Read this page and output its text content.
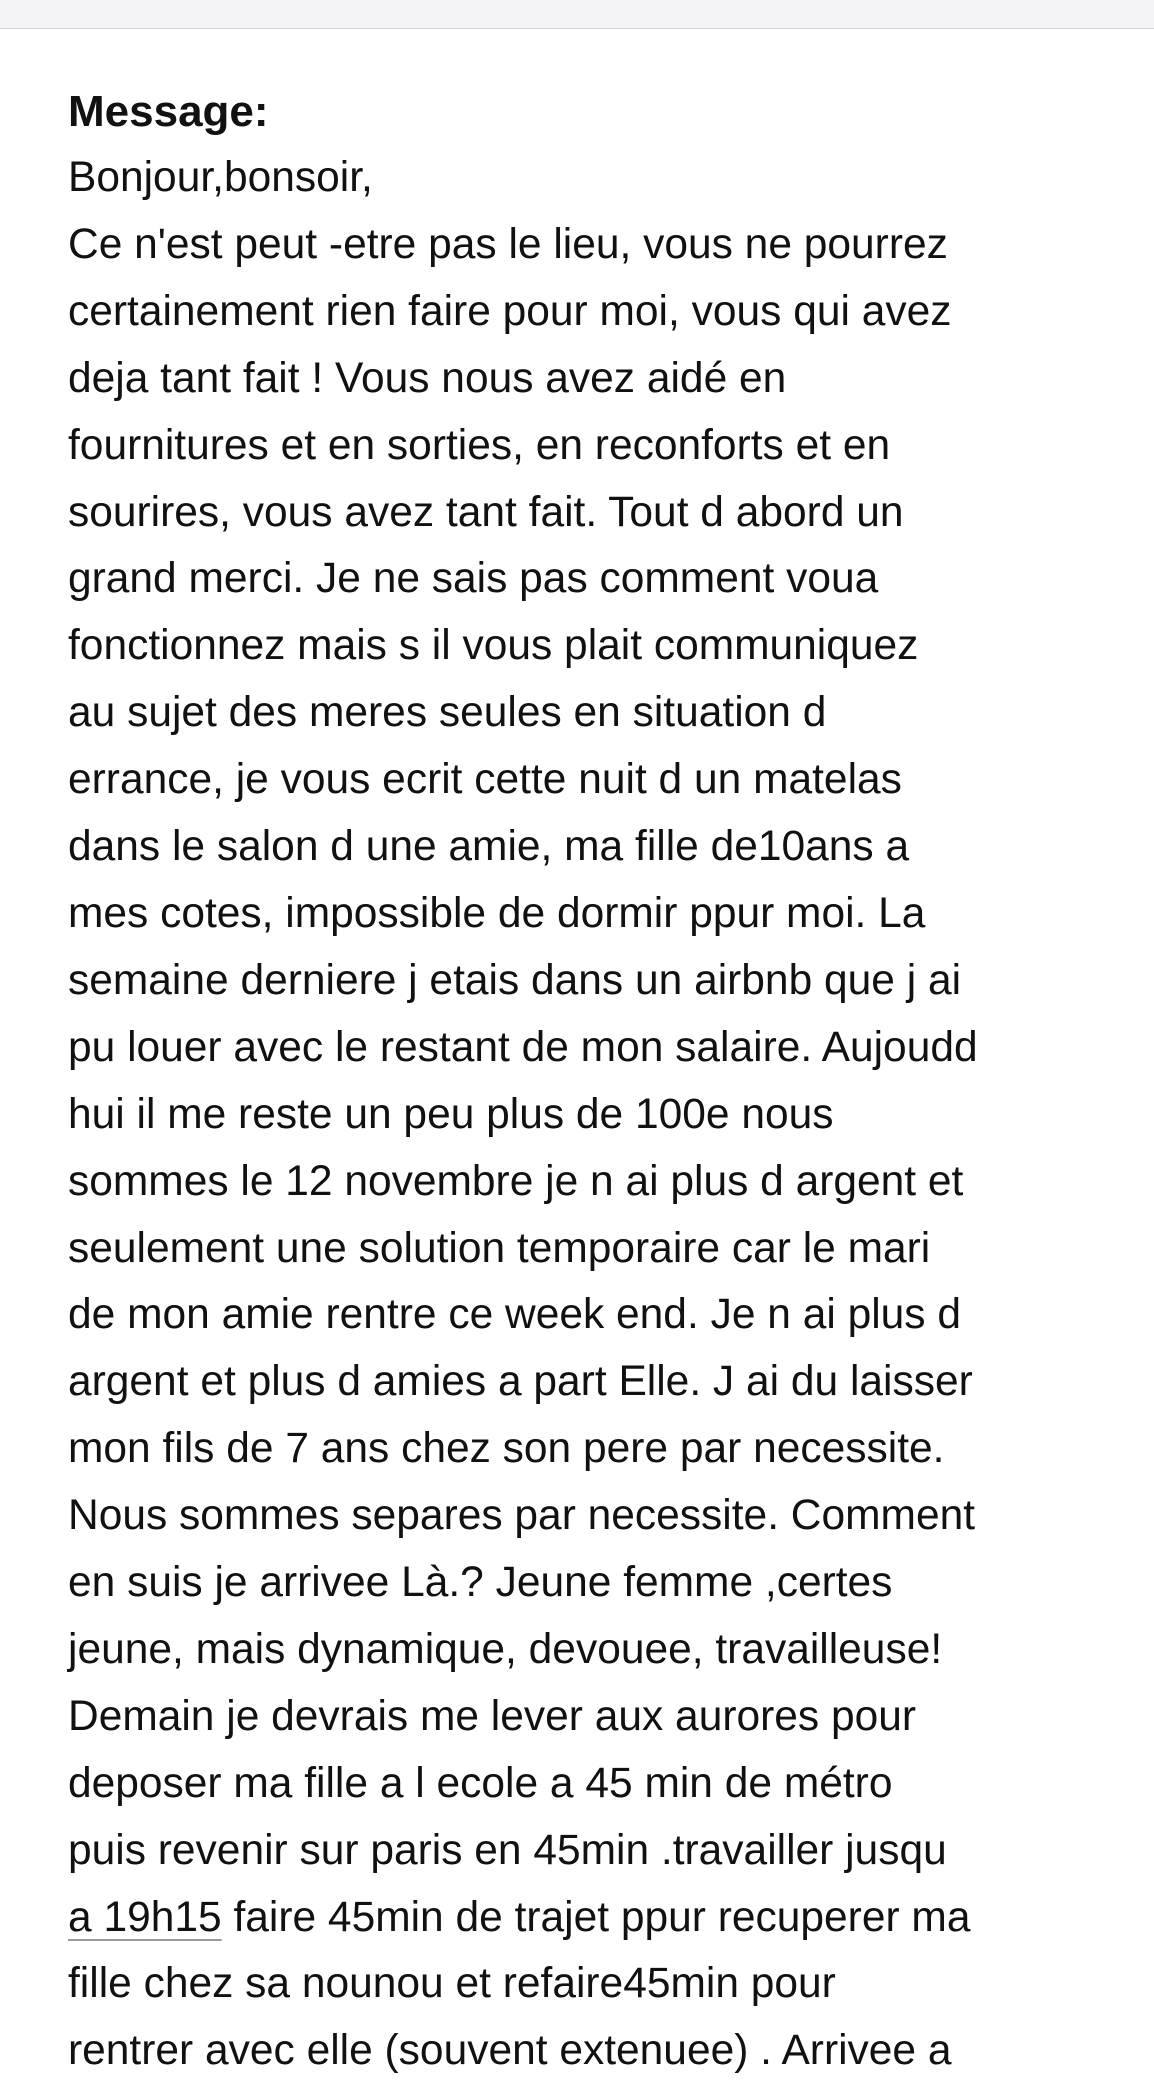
Message:
Bonjour,bonsoir,
Ce n'est peut -etre pas le lieu, vous ne pourrez
certainement rien faire pour moi, vous qui avez
deja tant fait ! Vous nous avez aidé en
fournitures et en sorties, en reconforts et en
sourires, vous avez tant fait. Tout d abord un
grand merci. Je ne sais pas comment voua
fonctionnez mais s il vous plait communiquez
au sujet des meres seules en situation d
errance, je vous ecrit cette nuit d un matelas
dans le salon d une amie, ma fille de10ans a
mes cotes, impossible de dormir ppur moi. La
semaine derniere j etais dans un airbnb que j ai
pu louer avec le restant de mon salaire. Aujoudd
hui il me reste un peu plus de 100e nous
sommes le 12 novembre je n ai plus d argent et
seulement une solution temporaire car le mari
de mon amie rentre ce week end. Je n ai plus d
argent et plus d amies a part Elle. J ai du laisser
mon fils de 7 ans chez son pere par necessite.
Nous sommes separes par necessite. Comment
en suis je arrivee Là.? Jeune femme ,certes
jeune, mais dynamique, devouee, travailleuse!
Demain je devrais me lever aux aurores pour
deposer ma fille a l ecole a 45 min de métro
puis revenir sur paris en 45min .travailler jusqu
a 19h15 faire 45min de trajet ppur recuperer ma
fille chez sa nounou et refaire45min pour
rentrer avec elle (souvent extenuee) . Arrivee a
